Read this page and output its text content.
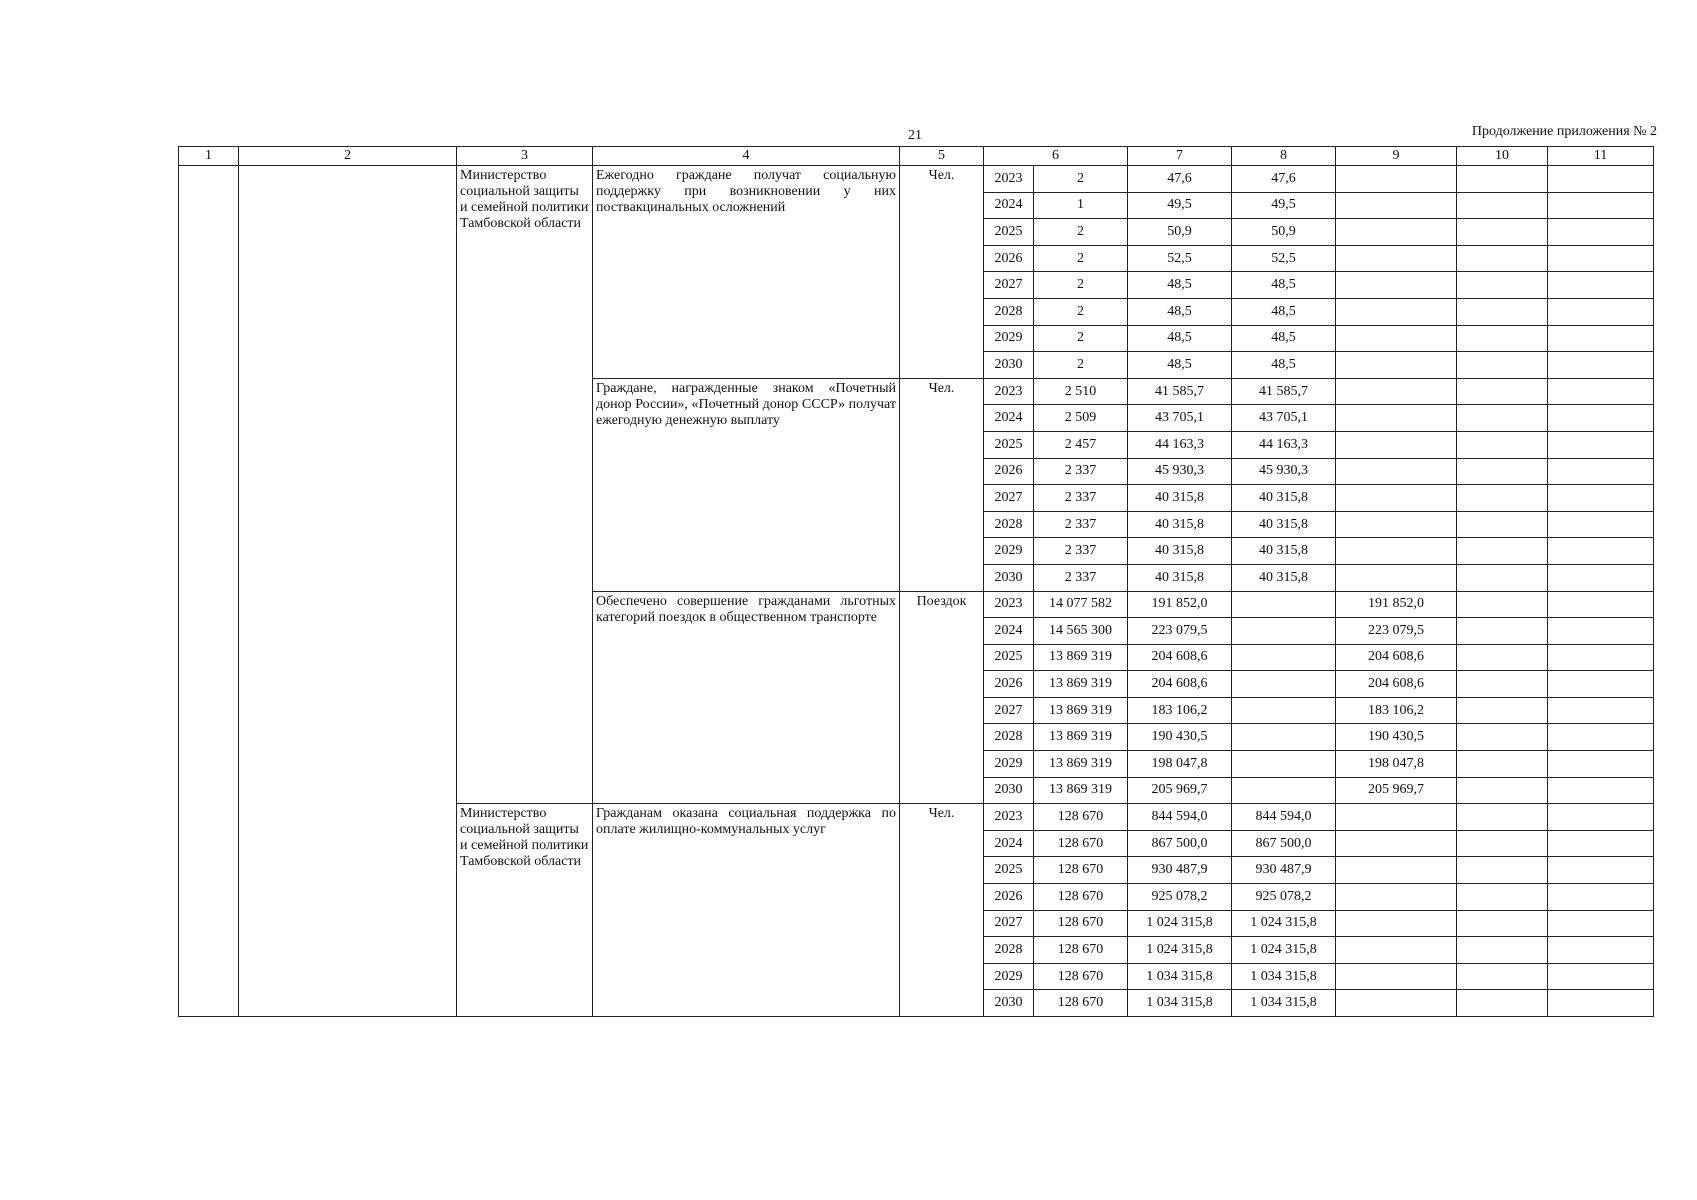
21	Продолжение приложения № 2
1	2	3	4	5	6		7	8	9	10	11
		Министерство социальной защиты и семейной политики Тамбовской области	Ежегодно граждане получат социальную поддержку при возникновении у них поствакцинальных осложнений	Чел.	2023	2	47,6	47,6			
					2024	1	49,5	49,5			
					2025	2	50,9	50,9			
					2026	2	52,5	52,5			
					2027	2	48,5	48,5			
					2028	2	48,5	48,5			
					2029	2	48,5	48,5			
					2030	2	48,5	48,5			
			Граждане, награжденные знаком «Почетный донор России», «Почетный донор СССР» получат ежегодную денежную выплату	Чел.	2023	2 510	41 585,7	41 585,7			
					2024	2 509	43 705,1	43 705,1			
					2025	2 457	44 163,3	44 163,3			
					2026	2 337	45 930,3	45 930,3			
					2027	2 337	40 315,8	40 315,8			
					2028	2 337	40 315,8	40 315,8			
					2029	2 337	40 315,8	40 315,8			
					2030	2 337	40 315,8	40 315,8			
			Обеспечено совершение гражданами льготных категорий поездок в общественном транспорте	Поездок	2023	14 077 582	191 852,0		191 852,0		
					2024	14 565 300	223 079,5		223 079,5		
					2025	13 869 319	204 608,6		204 608,6		
					2026	13 869 319	204 608,6		204 608,6		
					2027	13 869 319	183 106,2		183 106,2		
					2028	13 869 319	190 430,5		190 430,5		
					2029	13 869 319	198 047,8		198 047,8		
					2030	13 869 319	205 969,7		205 969,7		
		Министерство социальной защиты и семейной политики Тамбовской области	Гражданам оказана социальная поддержка по оплате жилищно-коммунальных услуг	Чел.	2023	128 670	844 594,0	844 594,0			
					2024	128 670	867 500,0	867 500,0			
					2025	128 670	930 487,9	930 487,9			
					2026	128 670	925 078,2	925 078,2			
					2027	128 670	1 024 315,8	1 024 315,8			
					2028	128 670	1 024 315,8	1 024 315,8			
					2029	128 670	1 034 315,8	1 034 315,8			
					2030	128 670	1 034 315,8	1 034 315,8			
